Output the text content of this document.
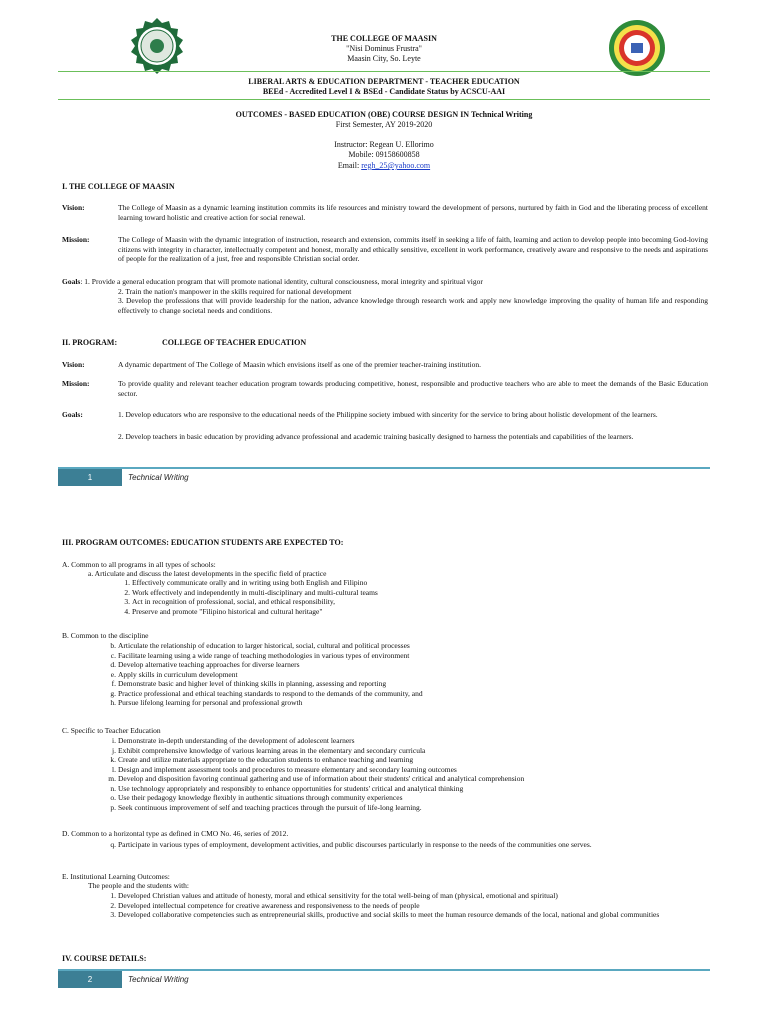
THE COLLEGE OF MAASIN
"Nisi Dominus Frustra"
Maasin City, So. Leyte
LIBERAL ARTS & EDUCATION DEPARTMENT - TEACHER EDUCATION
BEEd - Accredited Level I & BSEd - Candidate Status by ACSCU-AAI
OUTCOMES - BASED EDUCATION (OBE) COURSE DESIGN IN Technical Writing
First Semester, AY 2019-2020
Instructor: Regean U. Ellorimo
Mobile: 09158600858
Email: regh_25@yahoo.com
I. THE COLLEGE OF MAASIN
Vision:	The College of Maasin as a dynamic learning institution commits its life resources and ministry toward the development of persons, nurtured by faith in God and the liberating process of excellent learning toward holistic and creative action for social renewal.
Mission:	The College of Maasin with the dynamic integration of instruction, research and extension, commits itself in seeking a life of faith, learning and action to develop people into becoming God-loving citizens with integrity in character, intellectually competent and honest, morally and ethically sensitive, excellent in work performance, creatively aware and responsive to the needs and aspirations of people for the realization of a just, free and responsible Christian social order.
Goals: 1. Provide a general education program that will promote national identity, cultural consciousness, moral integrity and spiritual vigor
2. Train the nation's manpower in the skills required for national development
3. Develop the professions that will provide leadership for the nation, advance knowledge through research work and apply new knowledge improving the quality of human life and responding effectively to change societal needs and conditions.
II. PROGRAM:	COLLEGE OF TEACHER EDUCATION
Vision:	A dynamic department of The College of Maasin which envisions itself as one of the premier teacher-training institution.
Mission:	To provide quality and relevant teacher education program towards producing competitive, honest, responsible and productive teachers who are able to meet the demands of the Basic Education sector.
Goals:	1. Develop educators who are responsive to the educational needs of the Philippine society imbued with sincerity for the service to bring about holistic development of the learners.
2. Develop teachers in basic education by providing advance professional and academic training basically designed to harness the potentials and capabilities of the learners.
1	Technical Writing
III. PROGRAM OUTCOMES: EDUCATION STUDENTS ARE EXPECTED TO:
A. Common to all programs in all types of schools:
a. Articulate and discuss the latest developments in the specific field of practice
1. Effectively communicate orally and in writing using both English and Filipino
2. Work effectively and independently in multi-disciplinary and multi-cultural teams
3. Act in recognition of professional, social, and ethical responsibility,
4. Preserve and promote "Filipino historical and cultural heritage"
B. Common to the discipline
b. Articulate the relationship of education to larger historical, social, cultural and political processes
c. Facilitate learning using a wide range of teaching methodologies in various types of environment
d. Develop alternative teaching approaches for diverse learners
e. Apply skills in curriculum development
f. Demonstrate basic and higher level of thinking skills in planning, assessing and reporting
g. Practice professional and ethical teaching standards to respond to the demands of the community, and
h. Pursue lifelong learning for personal and professional growth
C. Specific to Teacher Education
i. Demonstrate in-depth understanding of the development of adolescent learners
j. Exhibit comprehensive knowledge of various learning areas in the elementary and secondary curricula
k. Create and utilize materials appropriate to the education students to enhance teaching and learning
l. Design and implement assessment tools and procedures to measure elementary and secondary learning outcomes
m. Develop and disposition favoring continual gathering and use of information about their students' critical and analytical comprehension
n. Use technology appropriately and responsibly to enhance opportunities for students' critical and analytical thinking
o. Use their pedagogy knowledge flexibly in authentic situations through community experiences
p. Seek continuous improvement of self and teaching practices through the pursuit of life-long learning.
D. Common to a horizontal type as defined in CMO No. 46, series of 2012.
q. Participate in various types of employment, development activities, and public discourses particularly in response to the needs of the communities one serves.
E. Institutional Learning Outcomes:
The people and the students with:
1. Developed Christian values and attitude of honesty, moral and ethical sensitivity for the total well-being of man (physical, emotional and spiritual)
2. Developed intellectual competence for creative awareness and responsiveness to the needs of people
3. Developed collaborative competencies such as entrepreneurial skills, productive and social skills to meet the human resource demands of the local, national and global communities
IV. COURSE DETAILS:
2	Technical Writing
